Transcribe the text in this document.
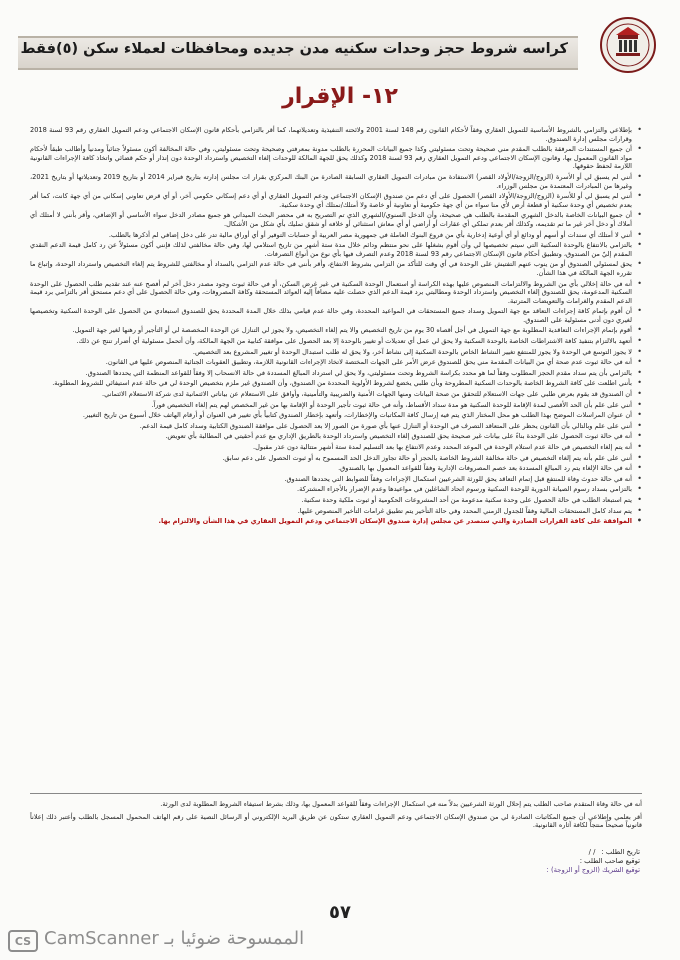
كراسه شروط حجز وحدات سكنيه مدن جديده ومحافظات لعملاء سكن (٥)فقط
١٢- الإقرار
• بإطلاعي والتزامي بالشروط الأساسية للتمويل العقاري وفقاً لأحكام القانون رقم 148 لسنة 2001 ولائحته التنفيذية وتعديلاتهما، كما أقر بالتزامي بأحكام قانون الإسكان الاجتماعي ودعم التمويل العقاري رقم 93 لسنة 2018 وقرارات مجلس إدارة الصندوق.
• أن جميع المستندات المرفقة بالطلب المقدم مني صحيحة وتحت مسئوليتي وكذا جميع البيانات المحررة بالطلب مدونة بمعرفتي وصحيحة وتحت مسئوليتي، وفي حالة المخالفة أكون مسئولاً جنائياً ومدنياً وأطالب طبقاً لأحكام مواد القانون المعمول بها، وقانون الإسكان الاجتماعي ودعم التمويل العقاري رقم 93 لسنة 2018 وكذلك يحق للجهة المالكة للوحدات إلغاء التخصيص واسترداد الوحدة دون إنذار أو حكم قضائي واتخاذ كافة الإجراءات القانونية اللازمة لحفظ حقوقها.
• أنني لم يسبق لي أو الأسرة (الزوج/الزوجة/الأولاد القصر) الاستفادة من مبادرات التمويل العقاري السابقة الصادرة من البنك المركزي بقرار ات مجلس إدارته بتاريخ فبراير 2014 أو بتاريخ 2019 وتعديلاتها أو بتاريخ 2021، وغيرها من المبادرات المعتمدة من مجلس الوزراء.
• أنني لم يسبق لي أو للأسرة (الزوج/الزوجة/الأولاد القصر) الحصول على أي دعم من صندوق الإسكان الاجتماعي ودعم التمويل العقاري أو أي دعم إسكاني حكومي آخر، أو أي قرض تعاوني إسكاني من أي جهة كانت، كما أقر بعدم تخصيص أي وحدة سكنية أو قطعة أرض لأي منا سواء من أي جهة حكومية أو تعاونية أو خاصة ولا أمتلك/نمتلك أي وحدة سكنية.
• أن جميع البيانات الخاصة بالدخل الشهري المقدمة بالطلب هي صحيحة، وأن الدخل السنوي/الشهري الذي تم التصريح به في محضر البحث الميداني هو جميع مصادر الدخل سواء الأساسي أو الإضافي، وأقر بأنني لا أمتلك أي أملاك أو دخل آخر غير ما تم تقديمه، وكذلك أقر بعدم تملكي أي عقارات أو أراضي أو أي معاش استثنائي أو خلافه أو شقق تمليك بأي شكل من الأشكال.
• أنني لا أمتلك أي سندات أو أسهم أو ودائع أو أي أوعية إدخارية بأي من فروع البنوك العاملة في جمهورية مصر العربية أو حسابات التوفير أو أي أوراق مالية تدر على دخل إضافي لم أذكرها بالطلب.
• بالتزامي بالانتفاع بالوحدة السكنية التي سيتم تخصيصها لي وأن أقوم بشغلها على نحو منتظم ودائم خلال مدة ستة أشهر من تاريخ استلامي لها، وفي حالة مخالفتي لذلك فإنني أكون مسئولاً عن رد كامل قيمة الدعم النقدي المقدم إليّ من الصندوق، وتطبيق أحكام قانون الإسكان الاجتماعي رقم 93 لسنة 2018 وعدم التصرف فيها بأي نوع من أنواع التصرفات.
• يحق لمسئولي الصندوق أو من ينوب عنهم التفتيش على الوحدة في أي وقت للتأكد من التزامي بشروط الانتفاع، وأقر بأنني في حالة عدم التزامي بالسداد أو مخالفتي للشروط يتم إلغاء التخصيص واسترداد الوحدة، وإتباع ما تقرره الجهة المالكة في هذا الشأن.
• أنه في حالة إخلالي بأي من الشروط والالتزامات المنصوص عليها بهذه الكراسة أو استعمال الوحدة السكنية في غير غرض السكن، أو في حالة ثبوت وجود مصدر دخل آخر لم أفصح عنه عند تقديم طلب الحصول على الوحدة السكنية المدعومة، يحق للصندوق إلغاء التخصيص واسترداد الوحدة ومطالبتي برد قيمة الدعم الذي حصلت عليه مضافاً إليه العوائد المستحقة وكافة المصروفات، وفي حالة الحصول على أي دعم مستحق أقر بالتزامي برد قيمة الدعم المقدم والغرامات والتعويضات المترتبة.
• أن أقوم بإتمام كافة إجراءات التعاقد مع جهة التمويل وسداد جميع المستحقات في المواعيد المحددة، وفي حالة عدم قيامي بذلك خلال المدة المحددة يحق للصندوق استبعادي من الحصول على الوحدة السكنية وتخصيصها لغيري دون أدنى مسئولية على الصندوق.
• أقوم بإتمام الإجراءات التعاقدية المطلوبة مع جهة التمويل في أجل أقصاه 30 يوم من تاريخ التخصيص والا يتم إلغاء التخصيص، ولا يجوز لي التنازل عن الوحدة المخصصة لي أو التأجير أو رهنها لغير جهة التمويل.
• أتعهد بالالتزام بتنفيذ كافة الاشتراطات الخاصة بالوحدة السكنية ولا يحق لي عمل أي تعديلات أو تغيير بالوحدة إلا بعد الحصول على موافقة كتابية من الجهة المالكة، وأن أتحمل مسئولية أي أضرار تنتج عن ذلك.
• لا يجوز التوسع في الوحدة ولا يجوز للمنتفع تغيير النشاط الخاص بالوحدة السكنية إلى نشاط آخر، ولا يحق له طلب استبدال الوحدة أو تغيير المشروع بعد التخصيص.
• أنه في حالة ثبوت عدم صحة أي من البيانات المقدمة مني يحق للصندوق عرض الأمر على الجهات المختصة لاتخاذ الإجراءات القانونية اللازمة، وتطبيق العقوبات الجنائية المنصوص عليها في القانون.
• بالتزامي بأن يتم سداد مقدم الحجز المطلوب وفقاً لما هو محدد بكراسة الشروط وتحت مسئوليتي، ولا يحق لي استرداد المبالغ المسددة في حالة الانسحاب إلا وفقاً للقواعد المنظمة التي يحددها الصندوق.
• بأنني اطلعت على كافة الشروط الخاصة بالوحدات السكنية المطروحة وبأن طلبي يخضع لشروط الأولوية المحددة من الصندوق، وأن الصندوق غير ملزم بتخصيص الوحدة لي في حالة عدم استيفائي للشروط المطلوبة.
• أن الصندوق قد يقوم بعرض طلبي على جهات الاستعلام للتحقق من صحة البيانات ومنها الجهات الأمنية والضريبية والتأمينية، وأوافق على الاستعلام عن بياناتي الائتمانية لدى شركة الاستعلام الائتماني.
• أنني على علم بأن الحد الأقصى لمدة الإقامة للوحدة السكنية هو مدة سداد الأقساط، وأنه في حالة ثبوت تأجير الوحدة أو الإقامة بها من غير المخصص لهم يتم إلغاء التخصيص فوراً.
• أن عنوان المراسلات الموضح بهذا الطلب هو محل المختار الذي يتم فيه إرسال كافة المكاتبات والإخطارات، وأتعهد بإخطار الصندوق كتابياً بأي تغيير في العنوان أو أرقام الهاتف خلال أسبوع من تاريخ التغيير.
• أنني على علم وبالتالي بأن القانون يحظر على المتعاقد التصرف في الوحدة أو التنازل عنها بأي صورة من الصور إلا بعد الحصول على موافقة الصندوق الكتابية وسداد كامل قيمة الدعم.
• أنه في حالة ثبوت الحصول على الوحدة بناءً على بيانات غير صحيحة يحق للصندوق إلغاء التخصيص واسترداد الوحدة بالطريق الإداري مع عدم أحقيتي في المطالبة بأي تعويض.
• أنه يتم إلغاء التخصيص في حالة عدم استلام الوحدة في الموعد المحدد وعدم الانتفاع بها بعد التسليم لمدة ستة أشهر متتالية دون عذر مقبول.
• أنني على علم بأنه يتم إلغاء التخصيص في حالة مخالفة الشروط الخاصة بالحجز أو حالة تجاوز الدخل الحد المسموح به أو ثبوت الحصول على دعم سابق.
• أنه في حالة الإلغاء يتم رد المبالغ المسددة بعد خصم المصروفات الإدارية وفقاً للقواعد المعمول بها بالصندوق.
• أنه في حالة حدوث وفاة للمنتفع قبل إتمام التعاقد يحق للورثة الشرعيين استكمال الإجراءات وفقاً للضوابط التي يحددها الصندوق.
• بالتزامي بسداد رسوم الصيانة الدورية للوحدة السكنية ورسوم اتحاد الشاغلين في مواعيدها وعدم الإضرار بالأجزاء المشتركة.
• يتم استبعاد الطلب في حالة الحصول على وحدة سكنية مدعومة من أحد المشروعات الحكومية أو ثبوت ملكية وحدة سكنية.
• يتم سداد كامل المستحقات المالية وفقاً للجدول الزمني المحدد وفي حالة التأخير يتم تطبيق غرامات التأخير المنصوص عليها.
• الموافقة على كافة القرارات الصادرة والتي ستصدر عن مجلس إدارة صندوق الإسكان الاجتماعي ودعم التمويل العقاري في هذا الشأن والالتزام بها.
أنه في حالة وفاة المتقدم صاحب الطلب يتم إحلال الورثة الشرعيين بدلاً منه في استكمال الإجراءات وفقاً للقواعد المعمول بها، وذلك بشرط استيفاء الشروط المطلوبة لدى الورثة.
أقر بعلمي وإطلاعي أن جميع المكاتبات الصادرة لي من صندوق الإسكان الاجتماعي ودعم التمويل العقاري ستكون عن طريق البريد الإلكتروني أو الرسائل النصية على رقم الهاتف المحمول المسجل بالطلب وأعتبر ذلك إعلاناً قانونياً صحيحاً منتجاً لكافة آثاره القانونية.
تاريخ الطلب :
/ /
توقيع صاحب الطلب :
توقيع الشريك (الزوج أو الزوجة) :
٥٧
CS الممسوحة ضوئيا بـ CamScanner
